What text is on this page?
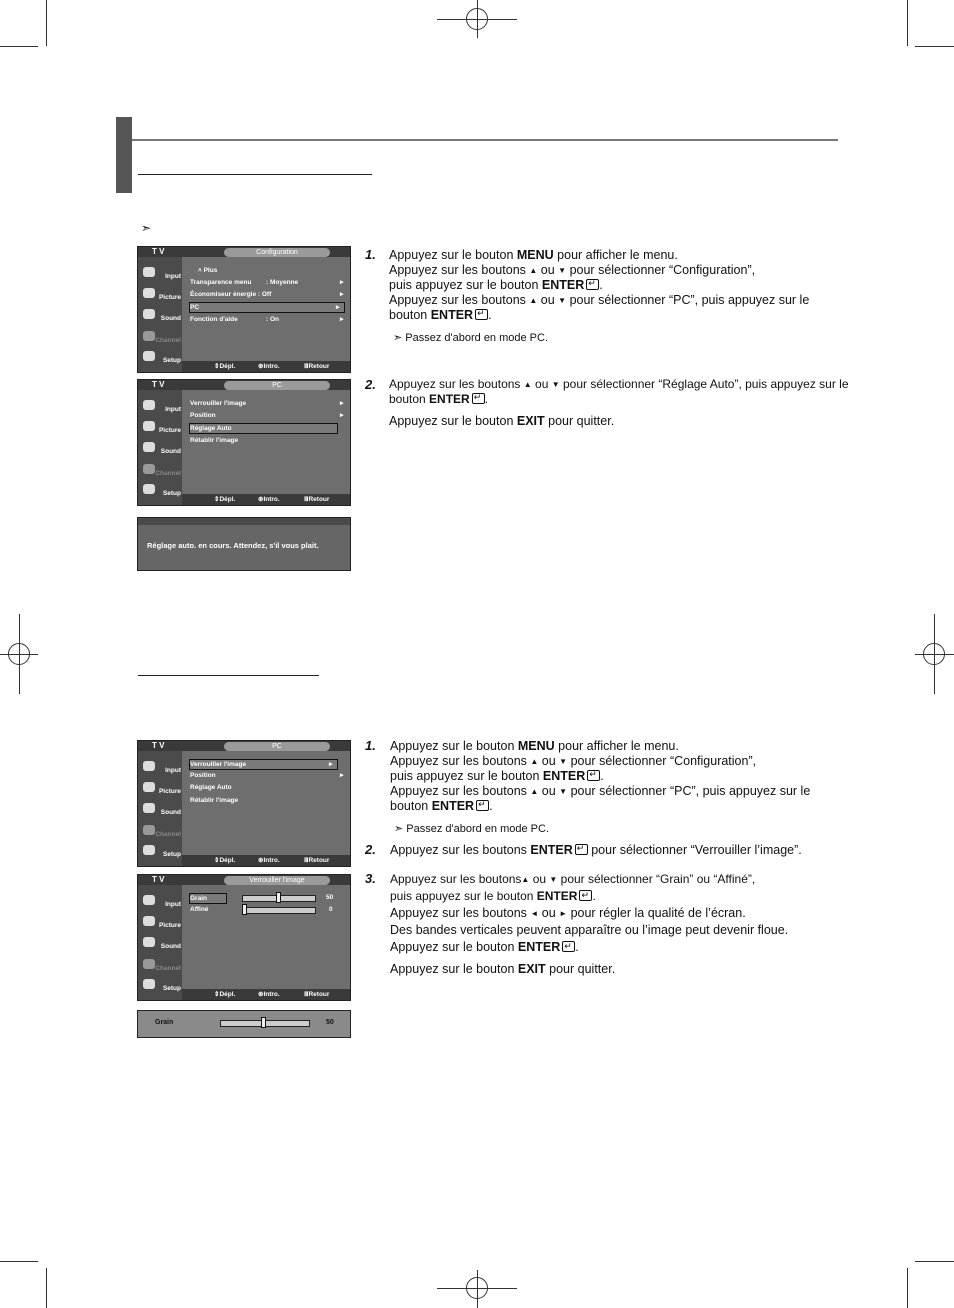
➣
T V	Configuration
Input
Picture
Sound
Channel
Setup
˄ Plus
Transparence menu : Moyenne	►
Économiseur énergie : Off	►
PC	►
Fonction d'aide	: On	►
⇕Dépl.	⊕Intro.	ⅢRetour
T V	PC
Input
Picture
Sound
Channel
Setup
Verrouiller l'image	►
Position	►
Réglage Auto
Rétablir l'image
⇕Dépl.	⊕Intro.	ⅢRetour
Réglage auto. en cours. Attendez, s'il vous plait.
T V	PC
Input
Picture
Sound
Channel
Setup
Verrouiller l'image	►
Position	►
Réglage Auto
Rétablir l'image
⇕Dépl.	⊕Intro.	ⅢRetour
T V	Verrouiller l'image
Input
Picture
Sound
Channel
Setup
Grain	50
Affiné	0
⇕Dépl.	⊕Intro.	ⅢRetour
Grain	50
1. Appuyez sur le bouton MENU pour afficher le menu.
Appuyez sur les boutons ▲ ou ▼ pour sélectionner “Configuration”,
puis appuyez sur le bouton ENTER ↵ .
Appuyez sur les boutons ▲ ou ▼ pour sélectionner “PC”, puis appuyez sur le
bouton ENTER ↵ .
➣ Passez d'abord en mode PC.
2. Appuyez sur les boutons ▲ ou ▼ pour sélectionner “Réglage Auto”, puis appuyez sur le
bouton ENTER ↵ .
Appuyez sur le bouton EXIT pour quitter.
1. Appuyez sur le bouton MENU pour afficher le menu.
Appuyez sur les boutons ▲ ou ▼ pour sélectionner “Configuration”,
puis appuyez sur le bouton ENTER ↵ .
Appuyez sur les boutons ▲ ou ▼ pour sélectionner “PC”, puis appuyez sur le
bouton ENTER ↵ .
➣ Passez d'abord en mode PC.
2. Appuyez sur les boutons ENTER↵ pour sélectionner “Verrouiller l’image”.
3. Appuyez sur les boutons▲ ou ▼ pour sélectionner “Grain” ou “Affiné”,
puis appuyez sur le bouton ENTER ↵ .
Appuyez sur les boutons ◄ ou ► pour régler la qualité de l’écran.
Des bandes verticales peuvent apparaître ou l’image peut devenir floue.
Appuyez sur le bouton ENTER ↵ .
Appuyez sur le bouton EXIT pour quitter.
